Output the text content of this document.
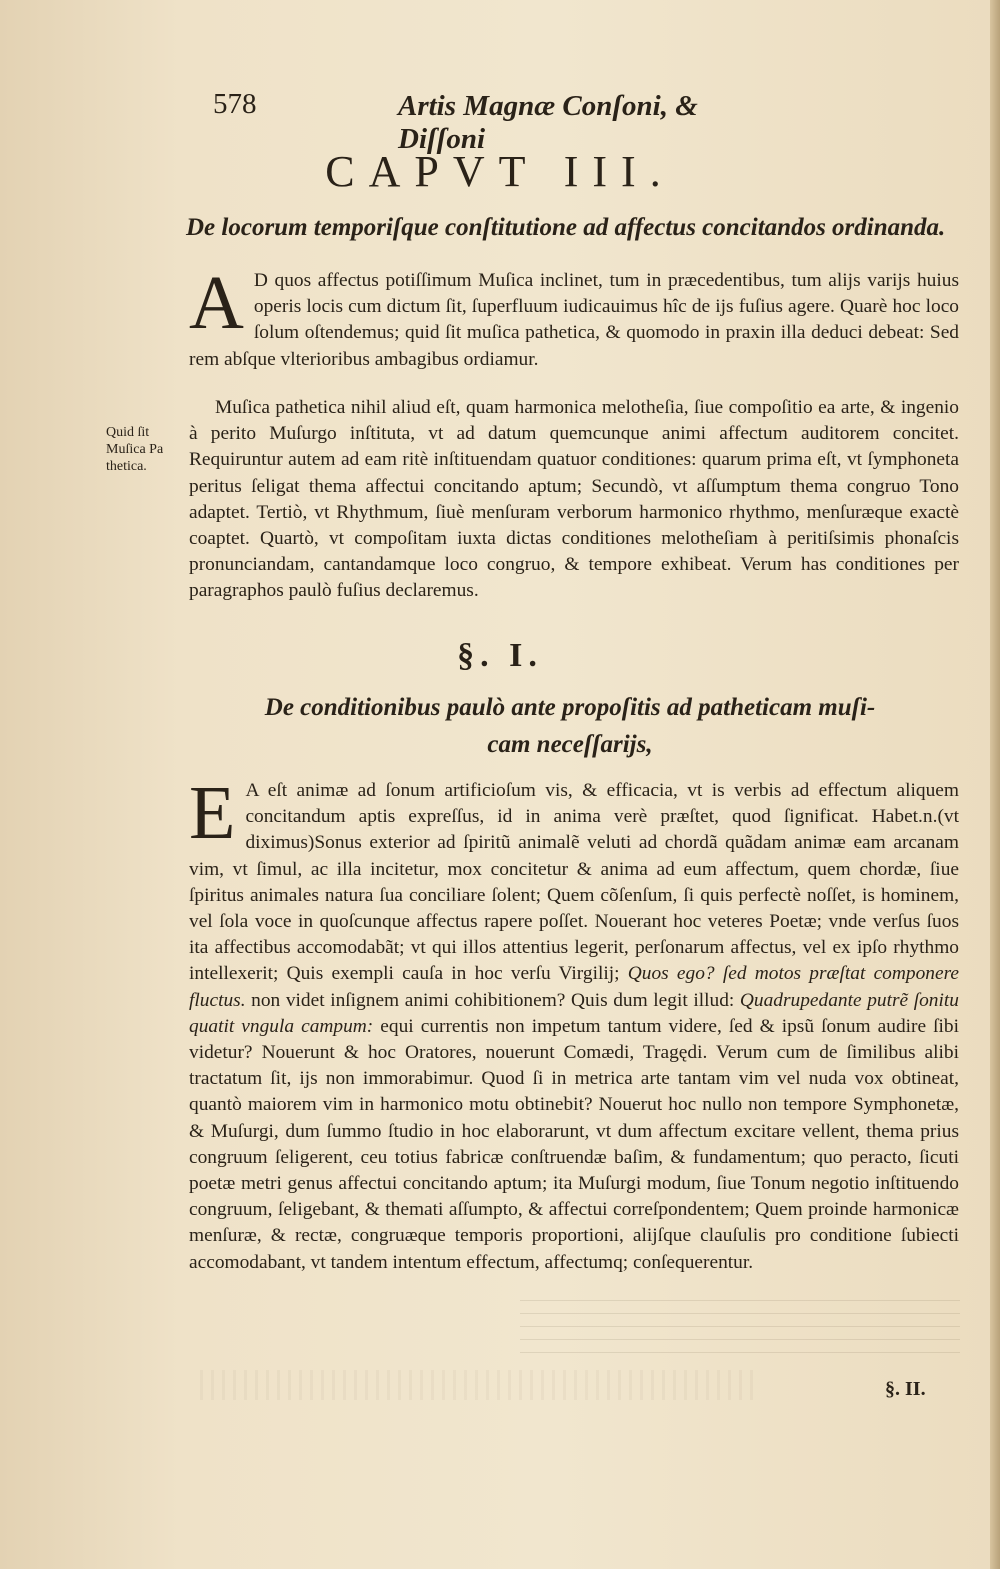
578	Artis Magnæ Conſoni, & Diſſoni
CAPVT III.
De locorum temporiſque conſtitutione ad affectus concitandos ordinanda.
A D quos affectus potiſſimum Muſica inclinet, tum in præcedentibus, tum alijs varijs huius operis locis cum dictum ſit, ſuperfluum iudicauimus hîc de ijs fuſius agere. Quarè hoc loco ſolum oſtendemus; quid ſit muſica pathetica, & quomodo in praxin illa deduci debeat: Sed rem abſque vlterioribus ambagibus ordiamur.
Quid ſit
Muſica Pa
thetica.
Muſica pathetica nihil aliud eſt, quam harmonica melotheſia, ſiue compoſitio ea arte, & ingenio à perito Muſurgo inſtituta, vt ad datum quemcunque animi affectum auditorem concitet. Requiruntur autem ad eam ritè inſtituendam quatuor conditiones: quarum prima eſt, vt ſymphoneta peritus ſeligat thema affectui concitando aptum; Secundò, vt aſſumptum thema congruo Tono adaptet. Tertiò, vt Rhythmum, ſiuè menſuram verborum harmonico rhythmo, menſuræque exactè coaptet. Quartò, vt compoſitam iuxta dictas conditiones melotheſiam à peritiſsimis phonaſcis pronunciandam, cantandamque loco congruo, & tempore exhibeat. Verum has conditiones per paragraphos paulò fuſius declaremus.
§. I.
De conditionibus paulò ante propoſitis ad patheticam muſi-
cam neceſſarijs,
E A eſt animæ ad ſonum artificioſum vis, & efficacia, vt is verbis ad effectum aliquem concitandum aptis expreſſus, id in anima verè præſtet, quod ſignificat. Habet.n.(vt diximus)Sonus exterior ad ſpiritũ animalẽ veluti ad chordã quãdam animæ eam arcanam vim, vt ſimul, ac illa incitetur, mox concitetur & anima ad eum affectum, quem chordæ, ſiue ſpiritus animales natura ſua conciliare ſolent; Quem cõſenſum, ſi quis perfectè noſſet, is hominem, vel ſola voce in quoſcunque affectus rapere poſſet. Nouerant hoc veteres Poetæ; vnde verſus ſuos ita affectibus accomodabãt; vt qui illos attentius legerit, perſonarum affectus, vel ex ipſo rhythmo intellexerit; Quis exempli cauſa in hoc verſu Virgilij; Quos ego? ſed motos præſtat componere fluctus. non videt inſignem animi cohibitionem? Quis dum legit illud: Quadrupedante putrẽ ſonitu quatit vngula campum: equi currentis non impetum tantum videre, ſed & ipsũ ſonum audire ſibi videtur? Nouerunt & hoc Oratores, nouerunt Comædi, Tragędi. Verum cum de ſimilibus alibi tractatum ſit, ijs non immorabimur. Quod ſi in metrica arte tantam vim vel nuda vox obtineat, quantò maiorem vim in harmonico motu obtinebit? Nouerut hoc nullo non tempore Symphonetæ, & Muſurgi, dum ſummo ſtudio in hoc elaborarunt, vt dum affectum excitare vellent, thema prius congruum ſeligerent, ceu totius fabricæ conſtruendæ baſim, & fundamentum; quo peracto, ſicuti poetæ metri genus affectui concitando aptum; ita Muſurgi modum, ſiue Tonum negotio inſtituendo congruum, ſeligebant, & themati aſſumpto, & affectui correſpondentem; Quem proinde harmonicæ menſuræ, & rectæ, congruæque temporis proportioni, alijſque clauſulis pro conditione ſubiecti accomodabant, vt tandem intentum effectum, affectumq; conſequerentur.
§. II.
